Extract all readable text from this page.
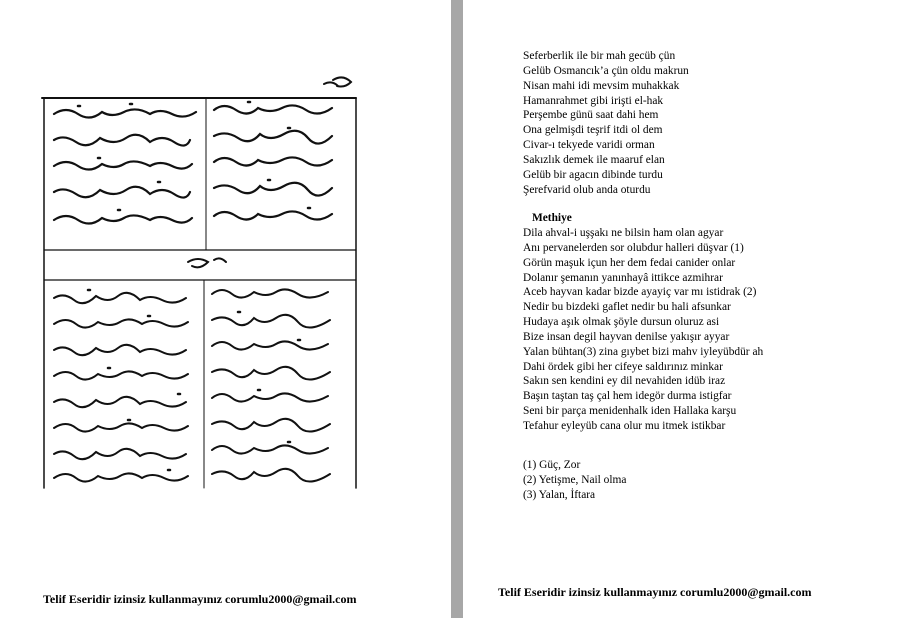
Telif Eseridir izinsiz kullanmayınız corumlu2000@gmail.com
Seferberlik ile bir mah gecüb çün
Gelüb Osmancık’a çün oldu makrun
Nisan mahi idi mevsim muhakkak
Hamanrahmet gibi irişti el-hak
Perşembe günü saat dahi hem
Ona gelmişdi teşrif itdi ol dem
Civar-ı tekyede varidi orman
Sakızlık demek ile maaruf elan
Gelüb bir agacın dibinde turdu
Şerefvarid olub anda oturdu
Methiye
Dila ahval-i uşşakı ne bilsin ham olan agyar
Anı pervanelerden sor olubdur halleri düşvar (1)
Görün maşuk içun her dem fedai canider onlar
Dolanır şemanın yanınhayâ ittikce azmihrar
Aceb hayvan kadar bizde ayayiç var mı istidrak (2)
Nedir bu bizdeki gaflet nedir bu hali afsunkar
Hudaya aşık olmak şöyle dursun oluruz asi
Bize insan degil hayvan denilse yakışır ayyar
Yalan bühtan(3) zina gıybet bizi mahv iyleyübdür ah
Dahi ördek gibi her cifeye saldırınız minkar
Sakın sen kendini ey dil nevahiden idüb iraz
Başın taştan taş çal hem idegör durma istigfar
Seni bir parça menidenhalk iden Hallaka karşu
Tefahur eyleyüb cana olur mu itmek istikbar
(1) Güç, Zor
(2) Yetişme, Nail olma
(3) Yalan, İftara
Telif Eseridir izinsiz kullanmayınız corumlu2000@gmail.com
